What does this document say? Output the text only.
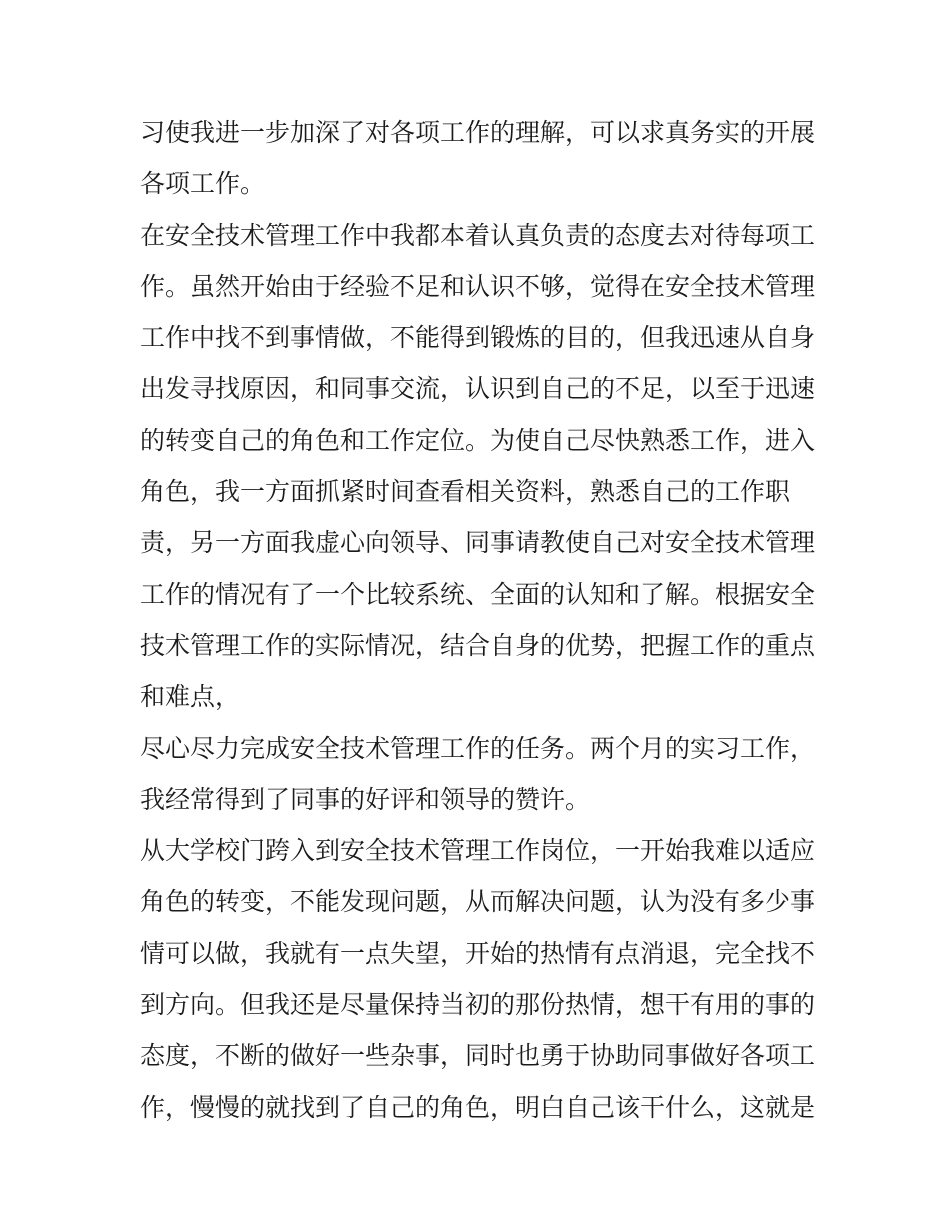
习使我进一步加深了对各项工作的理解，可以求真务实的开展
各项工作。
在安全技术管理工作中我都本着认真负责的态度去对待每项工
作。虽然开始由于经验不足和认识不够，觉得在安全技术管理
工作中找不到事情做，不能得到锻炼的目的，但我迅速从自身
出发寻找原因，和同事交流，认识到自己的不足，以至于迅速
的转变自己的角色和工作定位。为使自己尽快熟悉工作，进入
角色，我一方面抓紧时间查看相关资料，熟悉自己的工作职
责，另一方面我虚心向领导、同事请教使自己对安全技术管理
工作的情况有了一个比较系统、全面的认知和了解。根据安全
技术管理工作的实际情况，结合自身的优势，把握工作的重点
和难点，
尽心尽力完成安全技术管理工作的任务。两个月的实习工作，
我经常得到了同事的好评和领导的赞许。
从大学校门跨入到安全技术管理工作岗位，一开始我难以适应
角色的转变，不能发现问题，从而解决问题，认为没有多少事
情可以做，我就有一点失望，开始的热情有点消退，完全找不
到方向。但我还是尽量保持当初的那份热情，想干有用的事的
态度，不断的做好一些杂事，同时也勇于协助同事做好各项工
作，慢慢的就找到了自己的角色，明白自己该干什么，这就是
